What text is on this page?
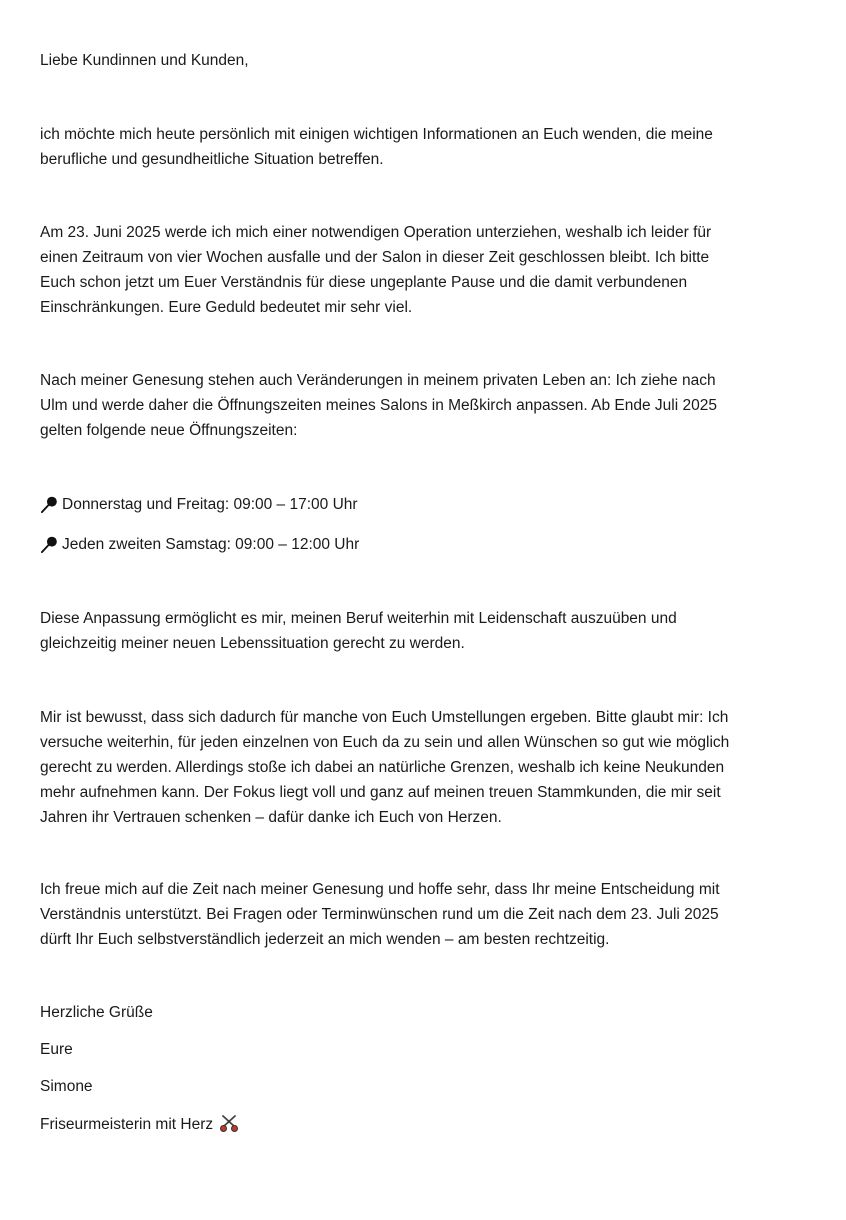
Liebe Kundinnen und Kunden,

ich möchte mich heute persönlich mit einigen wichtigen Informationen an Euch wenden, die meine
berufliche und gesundheitliche Situation betreffen.

Am 23. Juni 2025 werde ich mich einer notwendigen Operation unterziehen, weshalb ich leider für
einen Zeitraum von vier Wochen ausfalle und der Salon in dieser Zeit geschlossen bleibt. Ich bitte
Euch schon jetzt um Euer Verständnis für diese ungeplante Pause und die damit verbundenen
Einschränkungen. Eure Geduld bedeutet mir sehr viel.

Nach meiner Genesung stehen auch Veränderungen in meinem privaten Leben an: Ich ziehe nach
Ulm und werde daher die Öffnungszeiten meines Salons in Meßkirch anpassen. Ab Ende Juli 2025
gelten folgende neue Öffnungszeiten:

Donnerstag und Freitag: 09:00 – 17:00 Uhr
Jeden zweiten Samstag: 09:00 – 12:00 Uhr

Diese Anpassung ermöglicht es mir, meinen Beruf weiterhin mit Leidenschaft auszuüben und
gleichzeitig meiner neuen Lebenssituation gerecht zu werden.

Mir ist bewusst, dass sich dadurch für manche von Euch Umstellungen ergeben. Bitte glaubt mir: Ich
versuche weiterhin, für jeden einzelnen von Euch da zu sein und allen Wünschen so gut wie möglich
gerecht zu werden. Allerdings stoße ich dabei an natürliche Grenzen, weshalb ich keine Neukunden
mehr aufnehmen kann. Der Fokus liegt voll und ganz auf meinen treuen Stammkunden, die mir seit
Jahren ihr Vertrauen schenken – dafür danke ich Euch von Herzen.

Ich freue mich auf die Zeit nach meiner Genesung und hoffe sehr, dass Ihr meine Entscheidung mit
Verständnis unterstützt. Bei Fragen oder Terminwünschen rund um die Zeit nach dem 23. Juli 2025
dürft Ihr Euch selbstverständlich jederzeit an mich wenden – am besten rechtzeitig.

Herzliche Grüße

Eure

Simone

Friseurmeisterin mit Herz
